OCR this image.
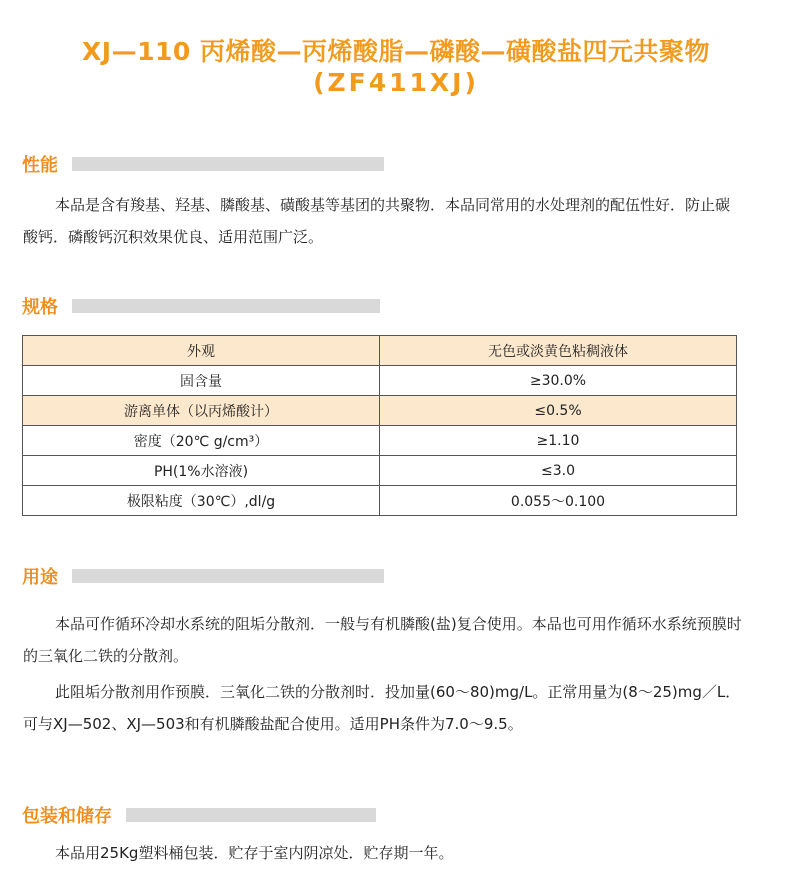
XJ—110 丙烯酸—丙烯酸脂—磷酸—磺酸盐四元共聚物
(ZF411XJ)
性能
本品是含有羧基、羟基、膦酸基、磺酸基等基团的共聚物．本品同常用的水处理剂的配伍性好．防止碳酸钙．磷酸钙沉积效果优良、适用范围广泛。
规格
外观	无色或淡黄色粘稠液体
固含量	≥30.0%
游离单体（以丙烯酸计）	≤0.5%
密度（20℃ g/cm³）	≥1.10
PH(1%水溶液)	≤3.0
极限粘度（30℃）,dl/g	0.055～0.100
用途
本品可作循环冷却水系统的阻垢分散剂．一般与有机膦酸(盐)复合使用。本品也可用作循环水系统预膜时的三氧化二铁的分散剂。
此阻垢分散剂用作预膜．三氧化二铁的分散剂时．投加量(60～80)mg/L。正常用量为(8～25)mg／L．可与XJ—502、XJ—503和有机膦酸盐配合使用。适用PH条件为7.0～9.5。
包装和储存
本品用25Kg塑料桶包装．贮存于室内阴凉处．贮存期一年。
